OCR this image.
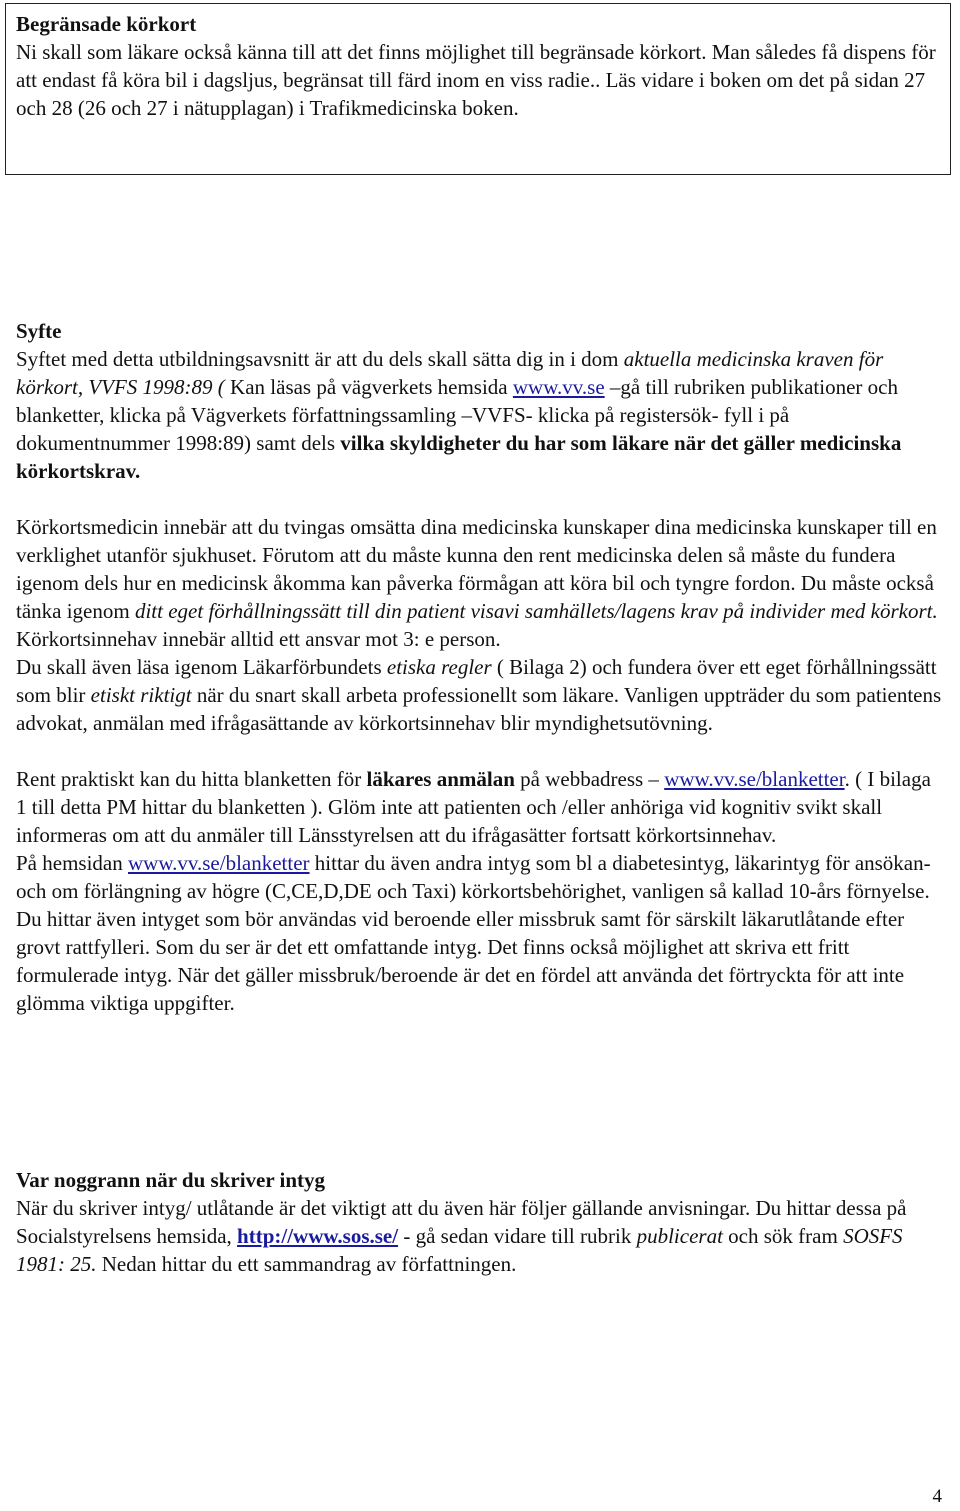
Begränsade körkort

Ni skall som läkare också känna till att det finns möjlighet till begränsade körkort. Man således få dispens för att endast få köra bil i dagsljus, begränsat till färd inom en viss radie.. Läs vidare i boken om det på sidan 27 och 28 (26 och 27 i nätupplagan) i Trafikmedicinska boken.

Syfte

Syftet med detta utbildningsavsnitt är att du dels skall sätta dig in i dom aktuella medicinska kraven för körkort, VVFS 1998:89 ( Kan läsas på vägverkets hemsida www.vv.se –gå till rubriken publikationer och blanketter, klicka på Vägverkets författningssamling –VVFS- klicka på registersök- fyll i på dokumentnummer 1998:89) samt dels vilka skyldigheter du har som läkare när det gäller medicinska körkortskrav.

Körkortsmedicin innebär att du tvingas omsätta dina medicinska kunskaper dina medicinska kunskaper till en verklighet utanför sjukhuset. Förutom att du måste kunna den rent medicinska delen så måste du fundera igenom dels hur en medicinsk åkomma kan påverka förmågan att köra bil och tyngre fordon. Du måste också tänka igenom ditt eget förhållningssätt till din patient visavi samhällets/lagens krav på individer med körkort. Körkortsinnehav innebär alltid ett ansvar mot 3: e person.

Du skall även läsa igenom Läkarförbundets etiska regler ( Bilaga 2) och fundera över ett eget förhållningssätt som blir etiskt riktigt när du snart skall arbeta professionellt som läkare. Vanligen uppträder du som patientens advokat, anmälan med ifrågasättande av körkortsinnehav blir myndighetsutövning.

Rent praktiskt kan du hitta blanketten för läkares anmälan på webbadress – www.vv.se/blanketter. ( I bilaga 1 till detta PM hittar du blanketten ). Glöm inte att patienten och /eller anhöriga vid kognitiv svikt skall informeras om att du anmäler till Länsstyrelsen att du ifrågasätter fortsatt körkortsinnehav.

På hemsidan www.vv.se/blanketter hittar du även andra intyg som bl a diabetesintyg, läkarintyg för ansökan- och om förlängning av högre (C,CE,D,DE och Taxi) körkortsbehörighet, vanligen så kallad 10-års förnyelse. Du hittar även intyget som bör användas vid beroende eller missbruk samt för särskilt läkarutlåtande efter grovt rattfylleri. Som du ser är det ett omfattande intyg. Det finns också möjlighet att skriva ett fritt formulerade intyg. När det gäller missbruk/beroende är det en fördel att använda det förtryckta för att inte glömma viktiga uppgifter.

Var noggrann när du skriver intyg

När du skriver intyg/ utlåtande är det viktigt att du även här följer gällande anvisningar. Du hittar dessa på Socialstyrelsens hemsida, http://www.sos.se/ - gå sedan vidare till rubrik publicerat och sök fram SOSFS 1981: 25. Nedan hittar du ett sammandrag av författningen.

4
